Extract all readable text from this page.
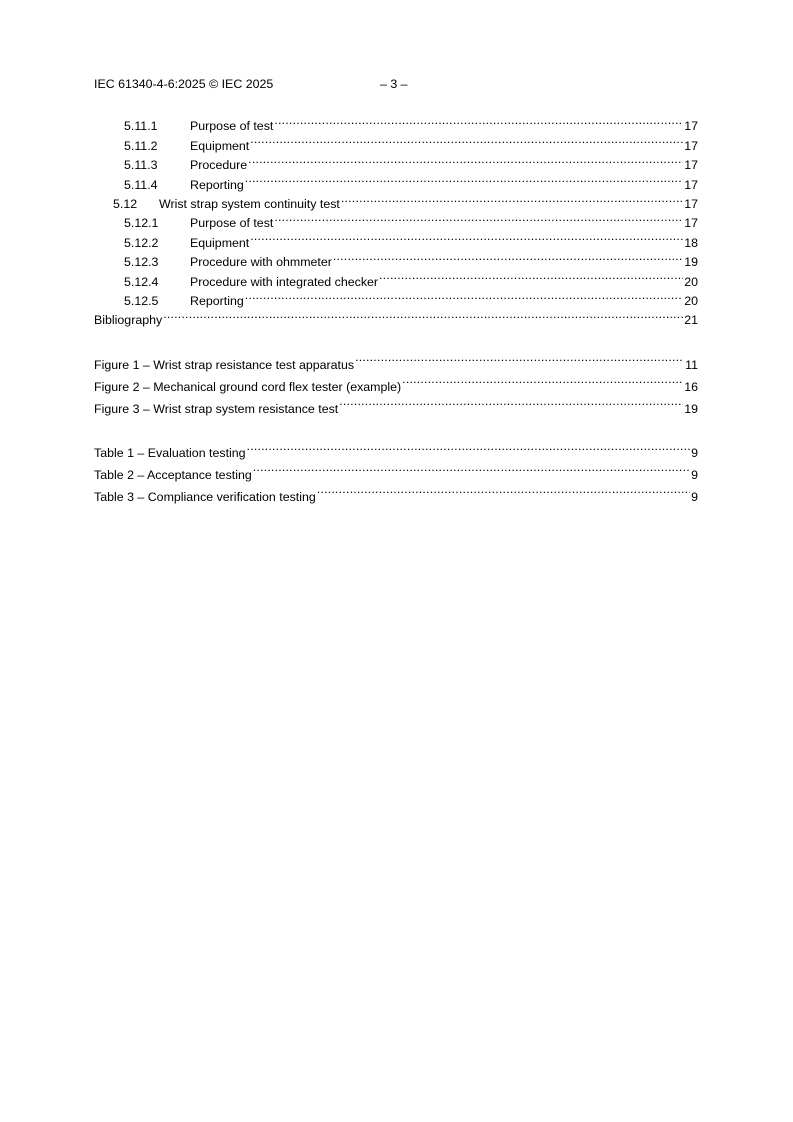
IEC 61340-4-6:2025 © IEC 2025	– 3 –
5.11.1	Purpose of test .....	17
5.11.2	Equipment .....	17
5.11.3	Procedure .....	17
5.11.4	Reporting .....	17
5.12	Wrist strap system continuity test .....	17
5.12.1	Purpose of test .....	17
5.12.2	Equipment .....	18
5.12.3	Procedure with ohmmeter .....	19
5.12.4	Procedure with integrated checker .....	20
5.12.5	Reporting .....	20
Bibliography .....	21
Figure 1 – Wrist strap resistance test apparatus .....	11
Figure 2 – Mechanical ground cord flex tester (example) .....	16
Figure 3 – Wrist strap system resistance test .....	19
Table 1 – Evaluation testing .....	9
Table 2 – Acceptance testing .....	9
Table 3 – Compliance verification testing .....	9
